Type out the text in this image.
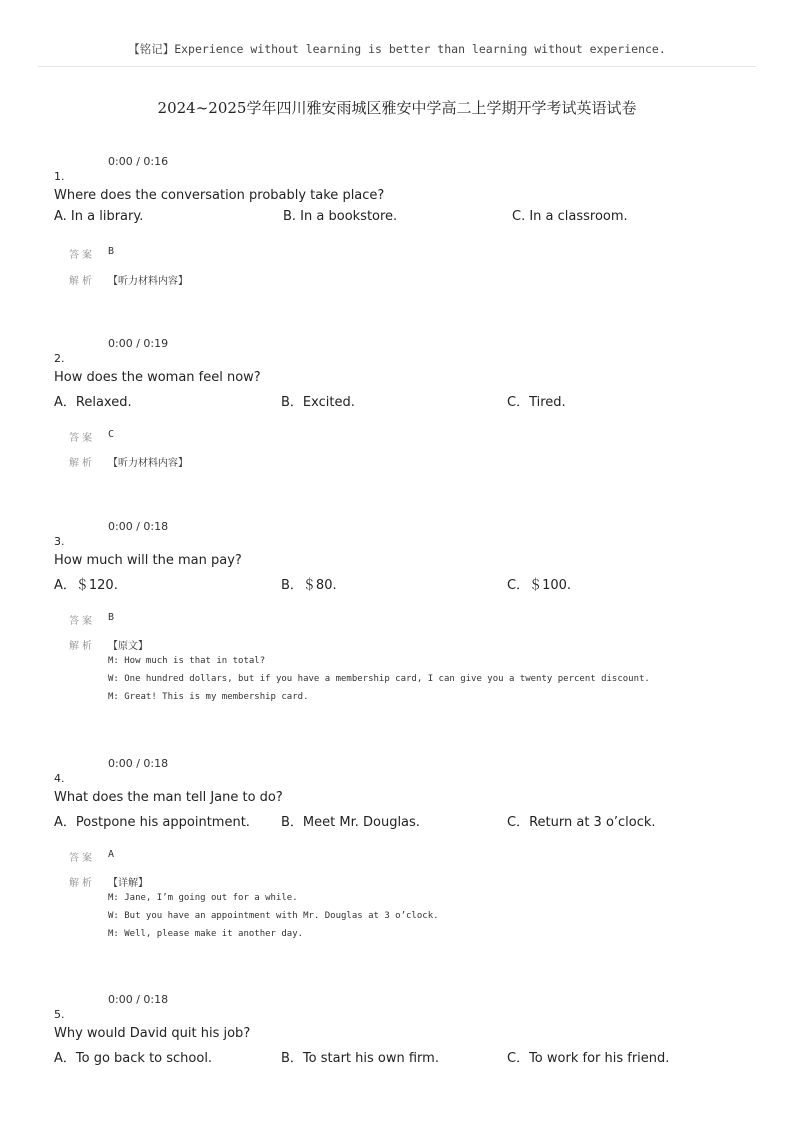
【铭记】Experience without learning is better than learning without experience.
2024~2025学年四川雅安雨城区雅安中学高二上学期开学考试英语试卷
0:00 / 0:16
1.
Where does the conversation probably take place?
A. In a library.	B. In a bookstore.	C. In a classroom.
答案 B
解析 【听力材料内容】
0:00 / 0:19
2.
How does the woman feel now?
A．Relaxed.	B．Excited.	C．Tired.
答案 C
解析 【听力材料内容】
0:00 / 0:18
3.
How much will the man pay?
A．＄120.	B．＄80.	C．＄100.
答案 B
解析 【原文】
M: How much is that in total?
W: One hundred dollars, but if you have a membership card, I can give you a twenty percent discount.
M: Great! This is my membership card.
0:00 / 0:18
4.
What does the man tell Jane to do?
A．Postpone his appointment. B．Meet Mr. Douglas.	C．Return at 3 o’clock.
答案 A
解析 【详解】
M: Jane, I’m going out for a while.
W: But you have an appointment with Mr. Douglas at 3 o’clock.
M: Well, please make it another day.
0:00 / 0:18
5.
Why would David quit his job?
A．To go back to school.	B．To start his own firm.	C．To work for his friend.
